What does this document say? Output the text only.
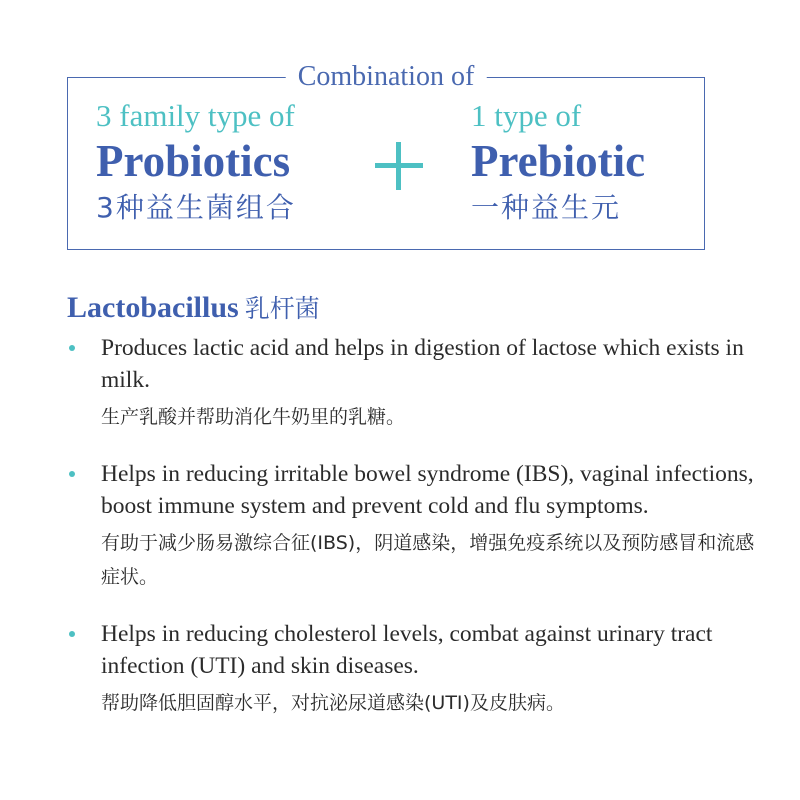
Combination of
3 family type of
Probiotics
3种益生菌组合
1 type of
Prebiotic
一种益生元
Lactobacillus 乳杆菌

Produces lactic acid and helps in digestion of lactose which exists in milk.

生产乳酸并帮助消化牛奶里的乳糖。

Helps in reducing irritable bowel syndrome (IBS), vaginal infections, boost immune system and prevent cold and flu symptoms.

有助于减少肠易激综合征(IBS)，阴道感染，增强免疫系统以及预防感冒和流感症状。

Helps in reducing cholesterol levels, combat against urinary tract infection (UTI) and skin diseases.

帮助降低胆固醇水平，对抗泌尿道感染(UTI)及皮肤病。
